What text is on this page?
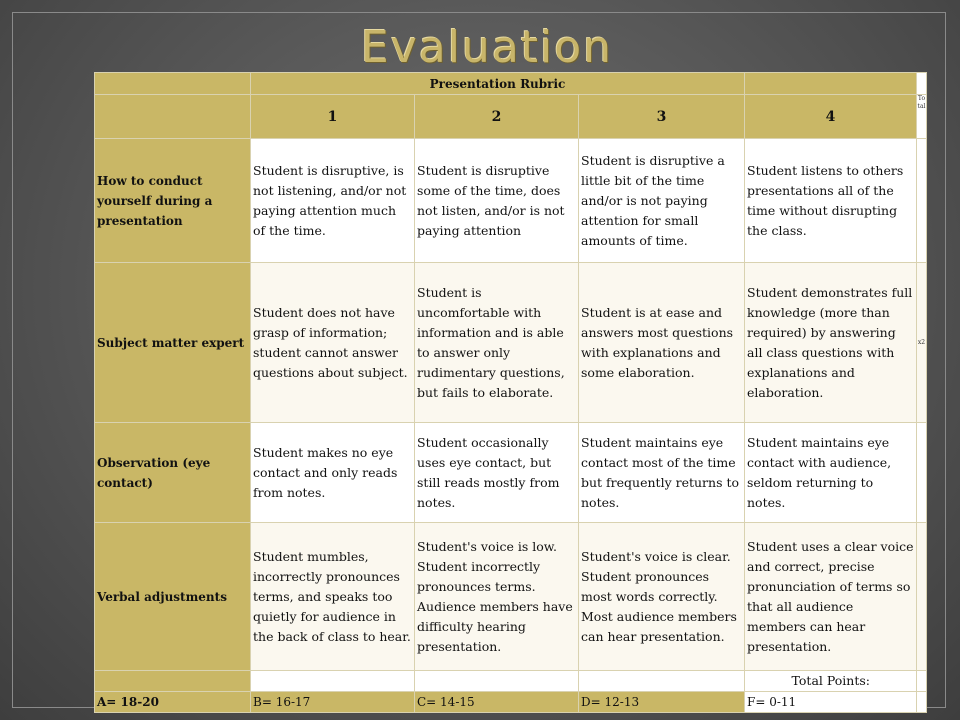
Evaluation
	Presentation Rubric				
	1	2	3	4	Total
How to conduct yourself during a presentation	Student is disruptive, is not listening, and/or not paying attention much of the time.	Student is disruptive some of the time, does not listen, and/or is not paying attention	Student is disruptive a little bit of the time and/or is not paying attention for small amounts of time.	Student listens to others presentations all of the time without disrupting the class.	
Subject matter expert	Student does not have grasp of information; student cannot answer questions about subject.	Student is uncomfortable with information and is able to answer only rudimentary questions, but fails to elaborate.	Student is at ease and answers most questions with explanations and some elaboration.	Student demonstrates full knowledge (more than required) by answering all class questions with explanations and elaboration.	x2
Observation (eye contact)	Student makes no eye contact and only reads from notes.	Student occasionally uses eye contact, but still reads mostly from notes.	Student maintains eye contact most of the time but frequently returns to notes.	Student maintains eye contact with audience, seldom returning to notes.	
Verbal adjustments	Student mumbles, incorrectly pronounces terms, and speaks too quietly for audience in the back of class to hear.	Student's voice is low. Student incorrectly pronounces terms. Audience members have difficulty hearing presentation.	Student's voice is clear. Student pronounces most words correctly. Most audience members can hear presentation.	Student uses a clear voice and correct, precise pronunciation of terms so that all audience members can hear presentation.	
				Total Points:	
A= 18-20	B= 16-17	C= 14-15	D= 12-13	F= 0-11	
